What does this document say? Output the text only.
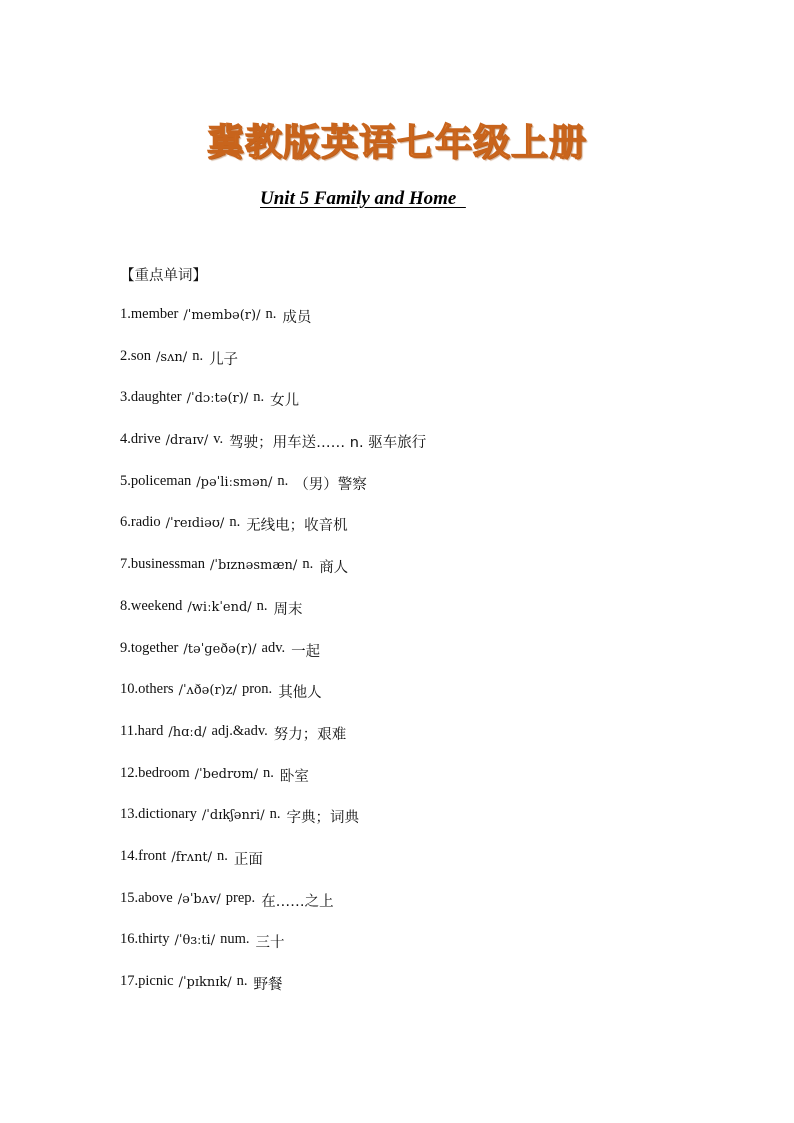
冀教版英语七年级上册
Unit 5 Family and Home
【重点单词】
1. member /ˈmembə(r)/ n. 成员
2. son /sʌn/ n. 儿子
3. daughter /ˈdɔːtə(r)/ n. 女儿
4. drive /draɪv/ v. 驾驶；用车送…… n. 驱车旅行
5. policeman /pəˈliːsmən/ n. （男）警察
6. radio /ˈreɪdiəʊ/ n. 无线电；收音机
7. businessman /ˈbɪznəsmæn/ n. 商人
8. weekend /wiːkˈend/ n. 周末
9. together /təˈɡeðə(r)/ adv. 一起
10. others /ˈʌðə(r)z/ pron. 其他人
11. hard /hɑːd/ adj.&adv. 努力；艰难
12. bedroom /ˈbedrʊm/ n. 卧室
13. dictionary /ˈdɪkʃənri/ n. 字典；词典
14. front /frʌnt/ n. 正面
15. above /əˈbʌv/ prep. 在……之上
16. thirty /ˈθɜːti/ num. 三十
17. picnic /ˈpɪknɪk/ n. 野餐
